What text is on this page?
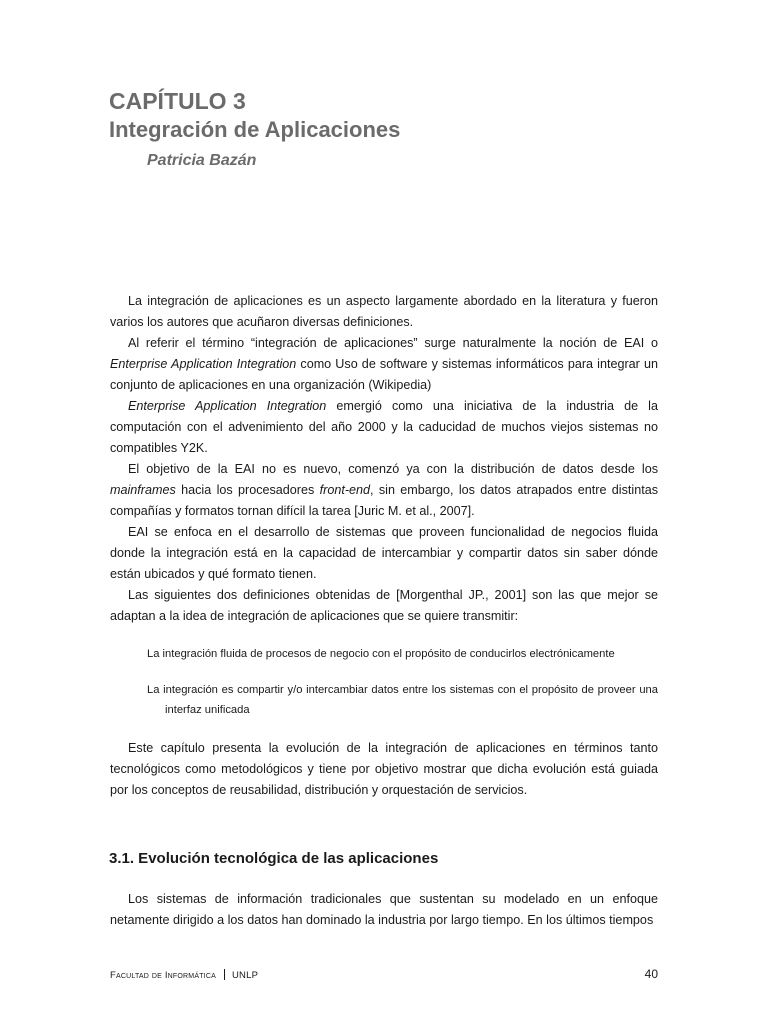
CAPÍTULO 3
Integración de Aplicaciones
Patricia Bazán

La integración de aplicaciones es un aspecto largamente abordado en la literatura y fueron varios los autores que acuñaron diversas definiciones.

Al referir el término “integración de aplicaciones” surge naturalmente la noción de EAI o Enterprise Application Integration como Uso de software y sistemas informáticos para integrar un conjunto de aplicaciones en una organización (Wikipedia)

Enterprise Application Integration emergió como una iniciativa de la industria de la computación con el advenimiento del año 2000 y la caducidad de muchos viejos sistemas no compatibles Y2K.

El objetivo de la EAI no es nuevo, comenzó ya con la distribución de datos desde los mainframes hacia los procesadores front-end, sin embargo, los datos atrapados entre distintas compañías y formatos tornan difícil la tarea [Juric M. et al., 2007].

EAI se enfoca en el desarrollo de sistemas que proveen funcionalidad de negocios fluida donde la integración está en la capacidad de intercambiar y compartir datos sin saber dónde están ubicados y qué formato tienen.

Las siguientes dos definiciones obtenidas de [Morgenthal JP., 2001] son las que mejor se adaptan a la idea de integración de aplicaciones que se quiere transmitir:

La integración fluida de procesos de negocio con el propósito de conducirlos electrónicamente

La integración es compartir y/o intercambiar datos entre los sistemas con el propósito de proveer una interfaz unificada

Este capítulo presenta la evolución de la integración de aplicaciones en términos tanto tecnológicos como metodológicos y tiene por objetivo mostrar que dicha evolución está guiada por los conceptos de reusabilidad, distribución y orquestación de servicios.

3.1. Evolución tecnológica de las aplicaciones

Los sistemas de información tradicionales que sustentan su modelado en un enfoque netamente dirigido a los datos han dominado la industria por largo tiempo. En los últimos tiempos

Facultad de Informática UNLP	40
